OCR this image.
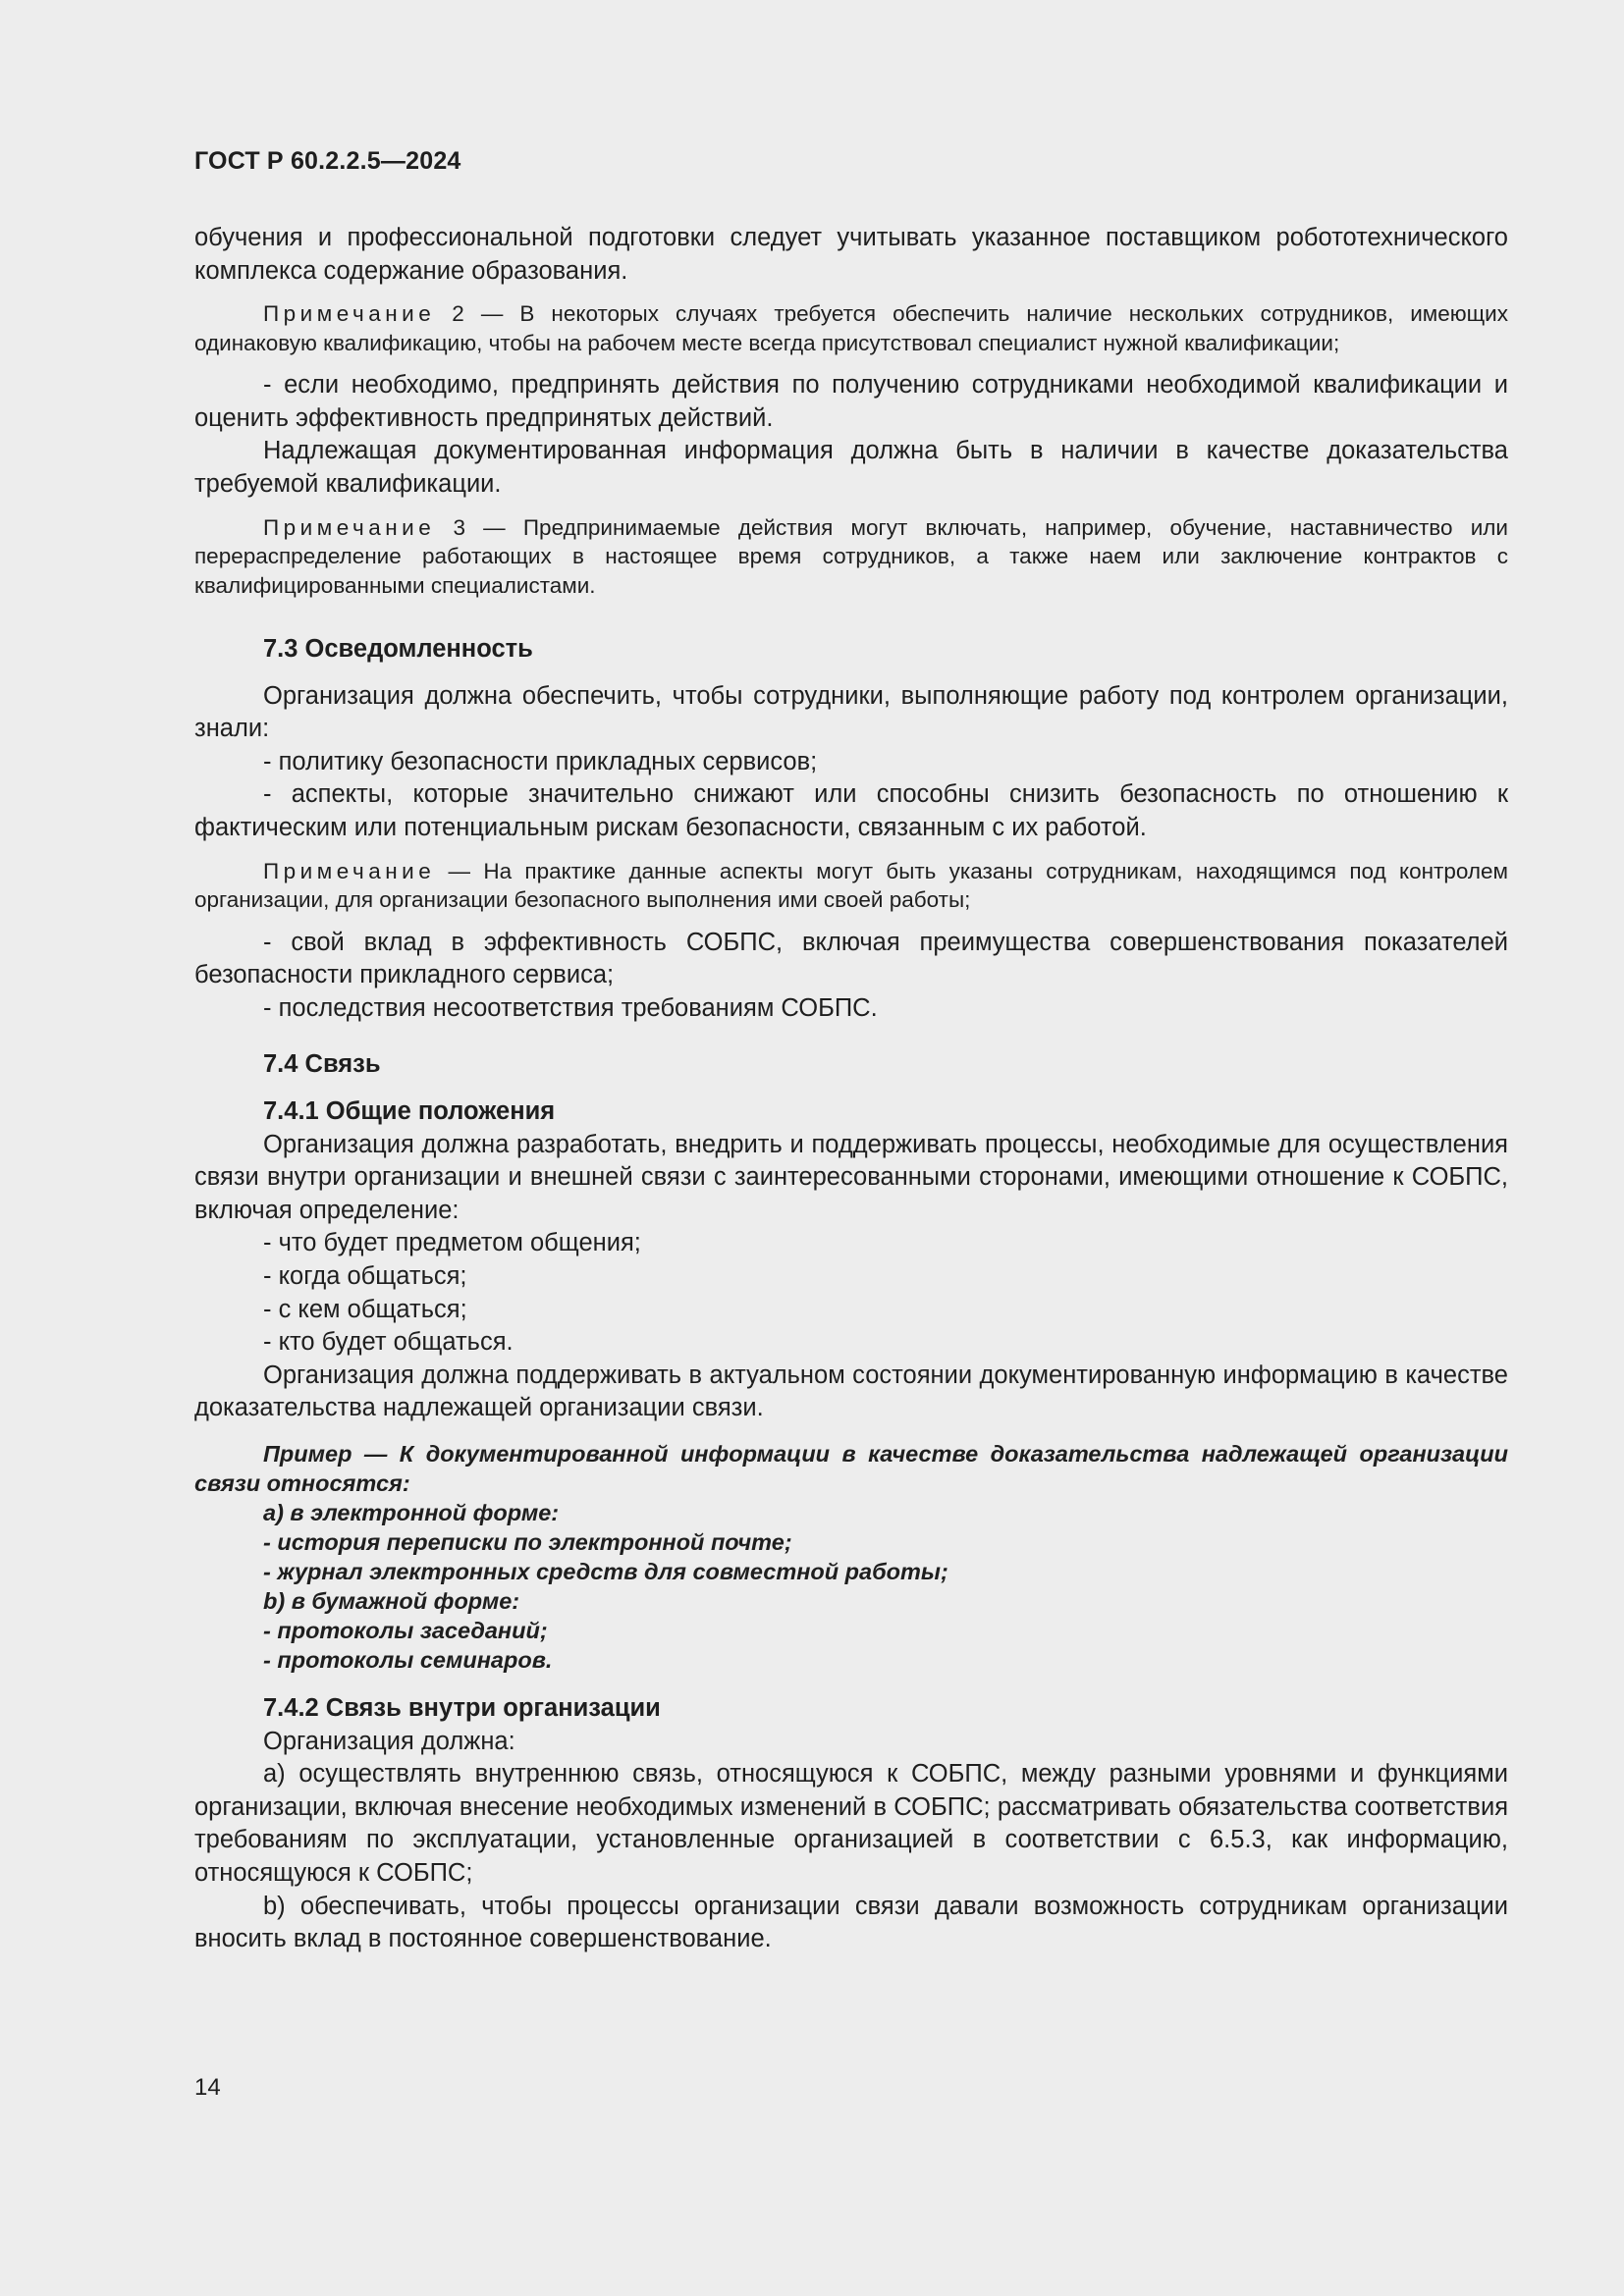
ГОСТ Р 60.2.2.5—2024

обучения и профессиональной подготовки следует учитывать указанное поставщиком робототехнического комплекса содержание образования.

Примечание 2 — В некоторых случаях требуется обеспечить наличие нескольких сотрудников, имеющих одинаковую квалификацию, чтобы на рабочем месте всегда присутствовал специалист нужной квалификации;

- если необходимо, предпринять действия по получению сотрудниками необходимой квалификации и оценить эффективность предпринятых действий.

Надлежащая документированная информация должна быть в наличии в качестве доказательства требуемой квалификации.

Примечание 3 — Предпринимаемые действия могут включать, например, обучение, наставничество или перераспределение работающих в настоящее время сотрудников, а также наем или заключение контрактов с квалифицированными специалистами.

7.3 Осведомленность

Организация должна обеспечить, чтобы сотрудники, выполняющие работу под контролем организации, знали:

- политику безопасности прикладных сервисов;

- аспекты, которые значительно снижают или способны снизить безопасность по отношению к фактическим или потенциальным рискам безопасности, связанным с их работой.

Примечание — На практике данные аспекты могут быть указаны сотрудникам, находящимся под контролем организации, для организации безопасного выполнения ими своей работы;

- свой вклад в эффективность СОБПС, включая преимущества совершенствования показателей безопасности прикладного сервиса;

- последствия несоответствия требованиям СОБПС.

7.4 Связь

7.4.1 Общие положения

Организация должна разработать, внедрить и поддерживать процессы, необходимые для осуществления связи внутри организации и внешней связи с заинтересованными сторонами, имеющими отношение к СОБПС, включая определение:

- что будет предметом общения;

- когда общаться;

- с кем общаться;

- кто будет общаться.

Организация должна поддерживать в актуальном состоянии документированную информацию в качестве доказательства надлежащей организации связи.

Пример — К документированной информации в качестве доказательства надлежащей организации связи относятся:

a) в электронной форме:

- история переписки по электронной почте;

- журнал электронных средств для совместной работы;

b) в бумажной форме:

- протоколы заседаний;

- протоколы семинаров.

7.4.2 Связь внутри организации

Организация должна:

a) осуществлять внутреннюю связь, относящуюся к СОБПС, между разными уровнями и функциями организации, включая внесение необходимых изменений в СОБПС; рассматривать обязательства соответствия требованиям по эксплуатации, установленные организацией в соответствии с 6.5.3, как информацию, относящуюся к СОБПС;

b) обеспечивать, чтобы процессы организации связи давали возможность сотрудникам организации вносить вклад в постоянное совершенствование.

14
